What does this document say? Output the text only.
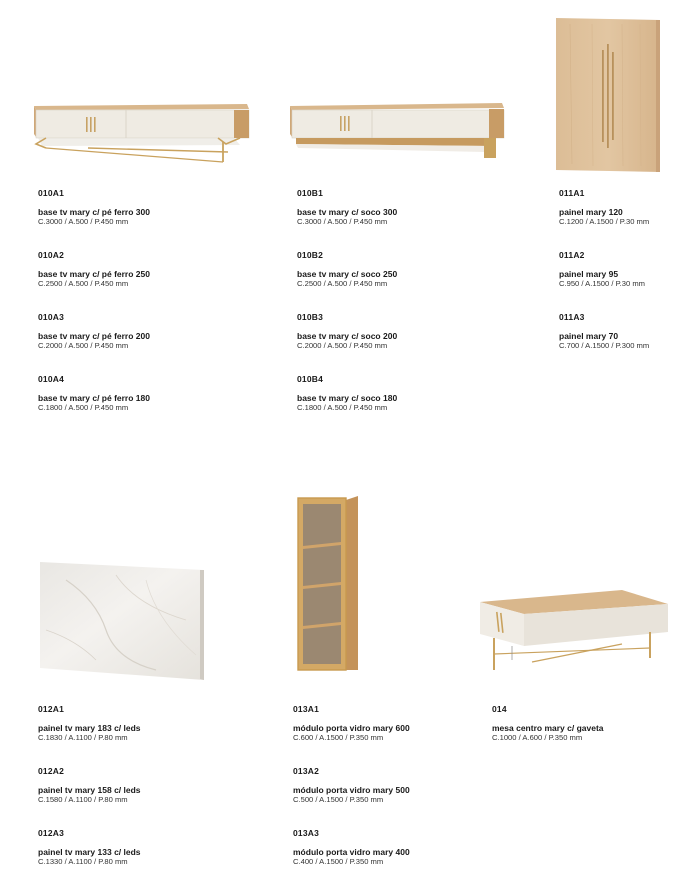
010A1
base tv mary c/ pé ferro 300
C.3000 / A.500 / P.450 mm
010A2
base tv mary c/ pé ferro 250
C.2500 / A.500 / P.450 mm
010A3
base tv mary c/ pé ferro 200
C.2000 / A.500 / P.450 mm
010A4
base tv mary c/ pé ferro 180
C.1800 / A.500 / P.450 mm
010B1
base tv mary c/ soco 300
C.3000 / A.500 / P.450 mm
010B2
base tv mary c/ soco 250
C.2500 / A.500 / P.450 mm
010B3
base tv mary c/ soco 200
C.2000 / A.500 / P.450 mm
010B4
base tv mary c/ soco 180
C.1800 / A.500 / P.450 mm
011A1
painel mary 120
C.1200 / A.1500 / P.30 mm
011A2
painel mary 95
C.950 / A.1500 / P.30 mm
011A3
painel mary 70
C.700 / A.1500 / P.300 mm
012A1
painel tv mary 183 c/ leds
C.1830 / A.1100 / P.80 mm
012A2
painel tv mary 158 c/ leds
C.1580 / A.1100 / P.80 mm
012A3
painel tv mary 133 c/ leds
C.1330 / A.1100 / P.80 mm
013A1
módulo porta vidro mary 600
C.600 / A.1500 / P.350 mm
013A2
módulo porta vidro mary 500
C.500 / A.1500 / P.350 mm
013A3
módulo porta vidro mary 400
C.400 / A.1500 / P.350 mm
014
mesa centro mary c/ gaveta
C.1000 / A.600 / P.350 mm
